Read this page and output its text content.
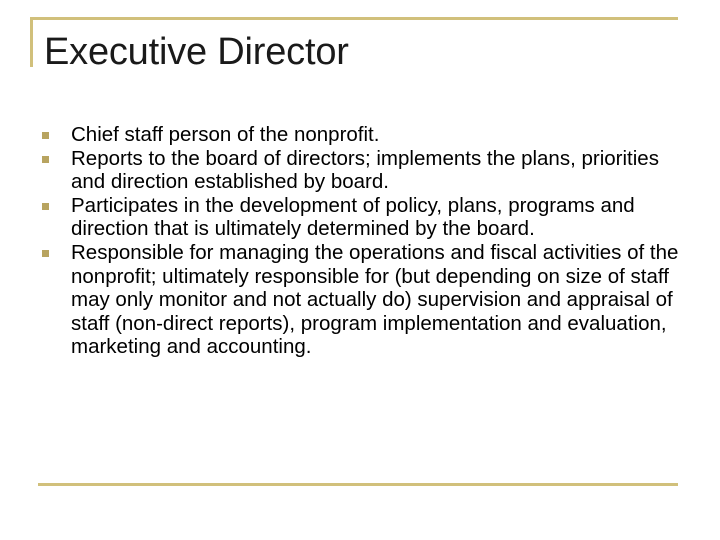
Executive Director
Chief staff person of the nonprofit.
Reports to the board of directors; implements the plans, priorities and direction established by board.
Participates in the development of policy, plans, programs and direction that is ultimately determined by the board.
Responsible for managing the operations and fiscal activities of the nonprofit; ultimately responsible for (but depending on size of staff may only monitor and not actually do) supervision and appraisal of staff (non-direct reports), program implementation and evaluation, marketing and accounting.
